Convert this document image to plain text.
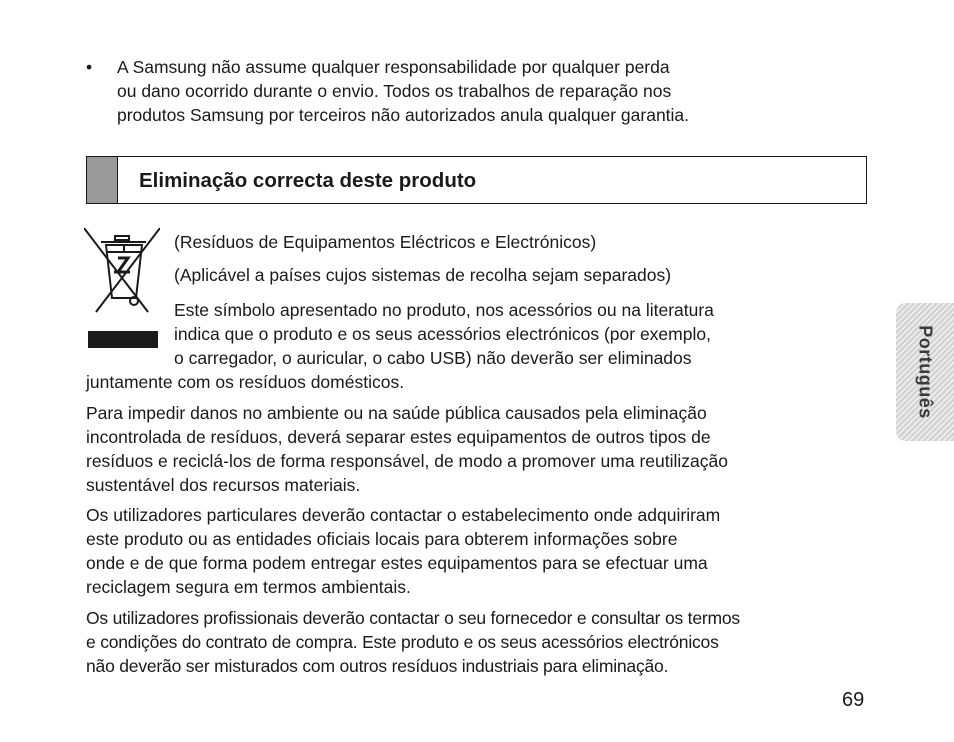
• A Samsung não assume qualquer responsabilidade por qualquer perda
ou dano ocorrido durante o envio. Todos os trabalhos de reparação nos
produtos Samsung por terceiros não autorizados anula qualquer garantia.
Eliminação correcta deste produto
(Resíduos de Equipamentos Eléctricos e Electrónicos)
(Aplicável a países cujos sistemas de recolha sejam separados)
Este símbolo apresentado no produto, nos acessórios ou na literatura
indica que o produto e os seus acessórios electrónicos (por exemplo,
o carregador, o auricular, o cabo USB) não deverão ser eliminados
juntamente com os resíduos domésticos.
Para impedir danos no ambiente ou na saúde pública causados pela eliminação
incontrolada de resíduos, deverá separar estes equipamentos de outros tipos de
resíduos e reciclá-los de forma responsável, de modo a promover uma reutilização
sustentável dos recursos materiais.
Os utilizadores particulares deverão contactar o estabelecimento onde adquiriram
este produto ou as entidades oficiais locais para obterem informações sobre
onde e de que forma podem entregar estes equipamentos para se efectuar uma
reciclagem segura em termos ambientais.
Os utilizadores profissionais deverão contactar o seu fornecedor e consultar os termos
e condições do contrato de compra. Este produto e os seus acessórios electrónicos
não deverão ser misturados com outros resíduos industriais para eliminação.
Português
69
